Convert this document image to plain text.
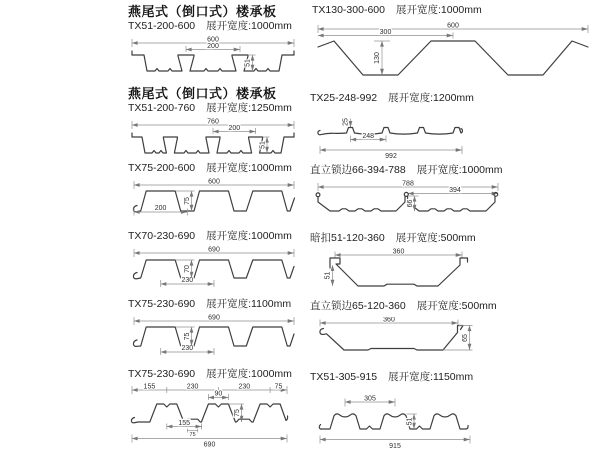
燕尾式（倒口式）楼承板
TX51-200-600 展开宽度:1000mm
600
200
51
燕尾式（倒口式）楼承板
TX51-200-760 展开宽度:1250mm
760
200
51
TX75-200-600 展开宽度:1000mm
600
200
75
TX70-230-690 展开宽度:1000mm
690
230
70
TX75-230-690 展开宽度:1100mm
690
230
75
TX75-230-690 展开宽度:1000mm
155	230	230	75
90
155
75
75
690
TX130-300-600 展开宽度:1000mm
600
300
130
TX25-248-992 展开宽度:1200mm
25
248
992
直立锁边66-394-788 展开宽度:1000mm
788
394
66
暗扣51-120-360 展开宽度:500mm
360
51
直立锁边65-120-360 展开宽度:500mm
360
65
TX51-305-915 展开宽度:1150mm
305
51
915
